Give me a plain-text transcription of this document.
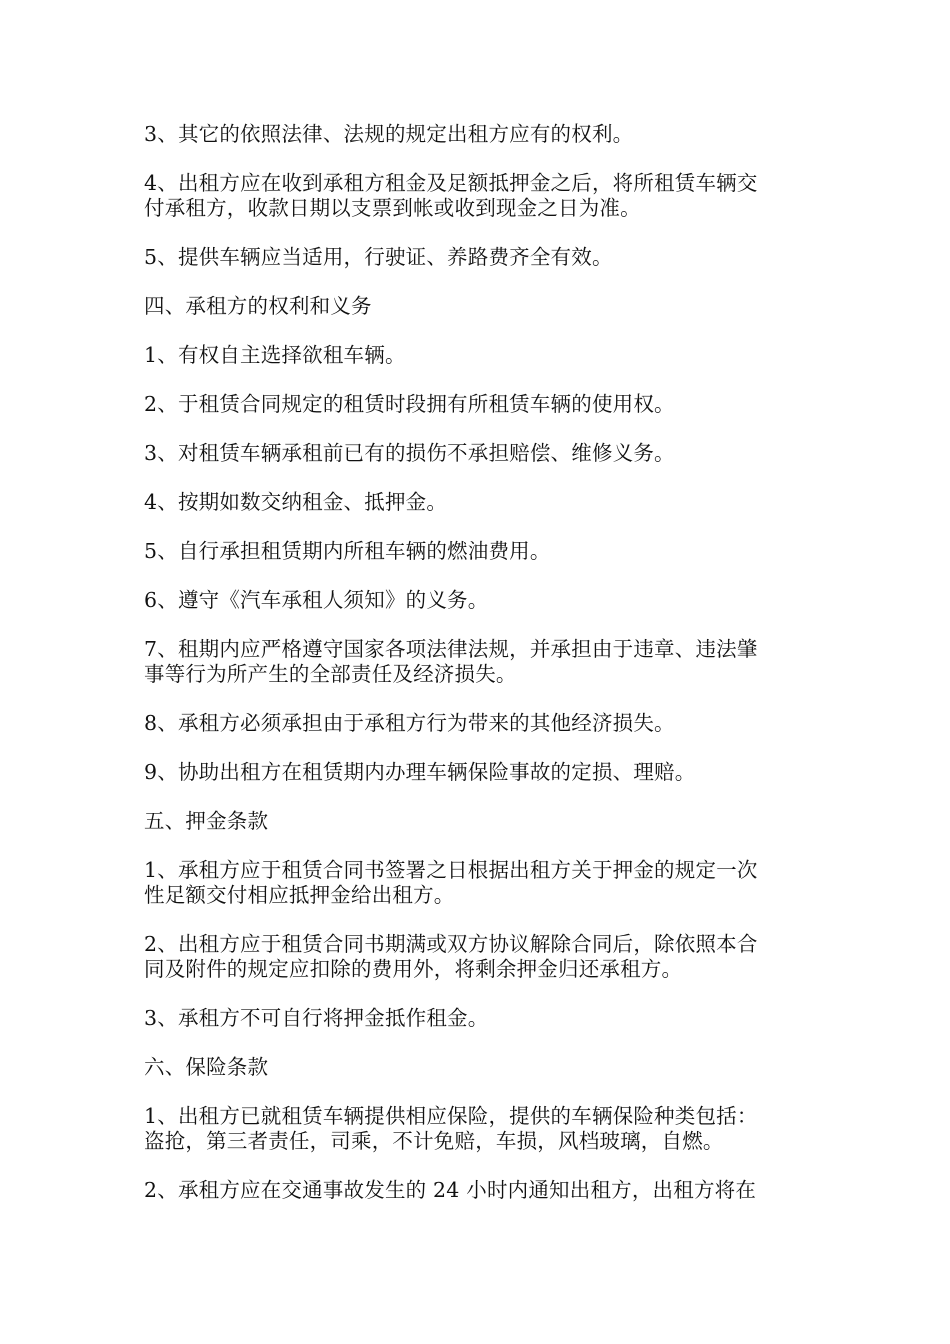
3、其它的依照法律、法规的规定出租方应有的权利。

4、出租方应在收到承租方租金及足额抵押金之后，将所租赁车辆交
付承租方，收款日期以支票到帐或收到现金之日为准。

5、提供车辆应当适用，行驶证、养路费齐全有效。

四、承租方的权利和义务

1、有权自主选择欲租车辆。

2、于租赁合同规定的租赁时段拥有所租赁车辆的使用权。

3、对租赁车辆承租前已有的损伤不承担赔偿、维修义务。

4、按期如数交纳租金、抵押金。

5、自行承担租赁期内所租车辆的燃油费用。

6、遵守《汽车承租人须知》的义务。

7、租期内应严格遵守国家各项法律法规，并承担由于违章、违法肇
事等行为所产生的全部责任及经济损失。

8、承租方必须承担由于承租方行为带来的其他经济损失。

9、协助出租方在租赁期内办理车辆保险事故的定损、理赔。

五、押金条款

1、承租方应于租赁合同书签署之日根据出租方关于押金的规定一次
性足额交付相应抵押金给出租方。

2、出租方应于租赁合同书期满或双方协议解除合同后，除依照本合
同及附件的规定应扣除的费用外，将剩余押金归还承租方。

3、承租方不可自行将押金抵作租金。

六、保险条款

1、出租方已就租赁车辆提供相应保险，提供的车辆保险种类包括：
盗抢，第三者责任，司乘，不计免赔，车损，风档玻璃，自燃。

2、承租方应在交通事故发生的 24 小时内通知出租方，出租方将在
